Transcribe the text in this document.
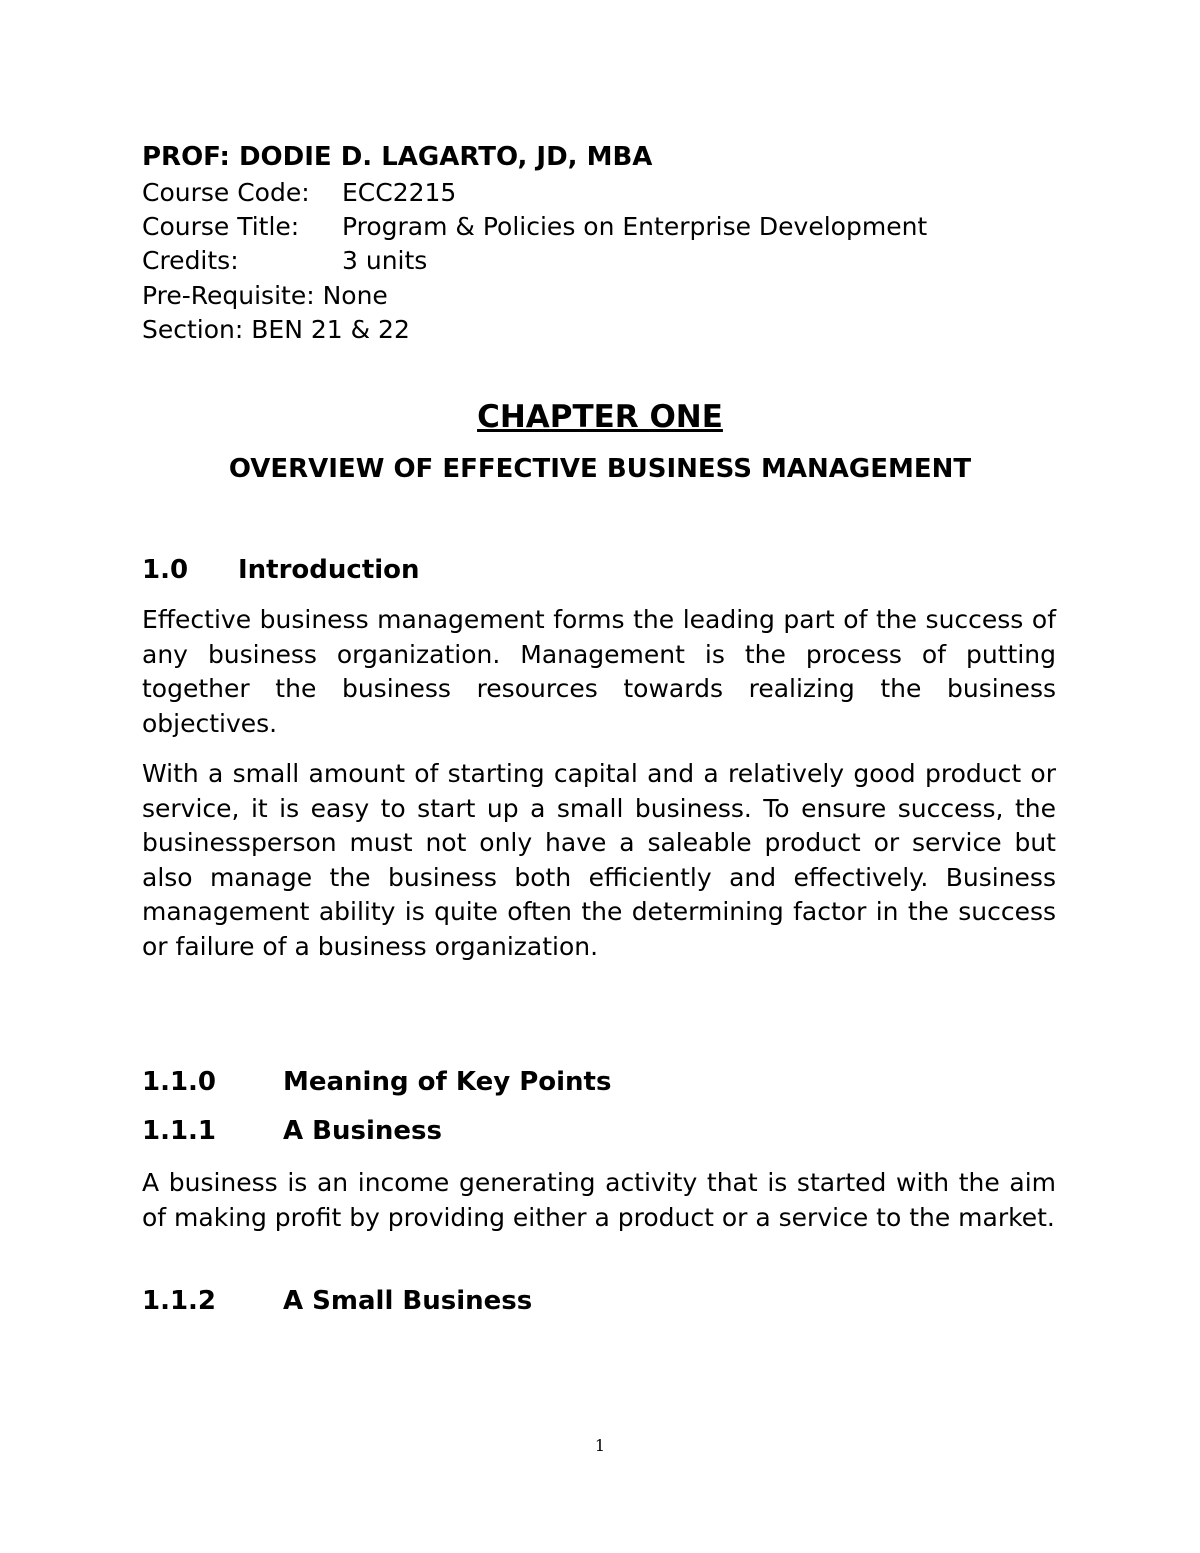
PROF: DODIE D. LAGARTO, JD, MBA
Course Code: ECC2215
Course Title: Program & Policies on Enterprise Development
Credits:	3 units
Pre-Requisite: None
Section: BEN 21 & 22
CHAPTER ONE
OVERVIEW OF EFFECTIVE BUSINESS MANAGEMENT
1.0 Introduction

Effective business management forms the leading part of the success of any business organization. Management is the process of putting together the business resources towards realizing the business objectives.

With a small amount of starting capital and a relatively good product or service, it is easy to start up a small business. To ensure success, the businessperson must not only have a saleable product or service but also manage the business both efficiently and effectively. Business management ability is quite often the determining factor in the success or failure of a business organization.

1.1.0	Meaning of Key Points
1.1.1	A Business

A business is an income generating activity that is started with the aim of making profit by providing either a product or a service to the market.

1.1.2	A Small Business
1
